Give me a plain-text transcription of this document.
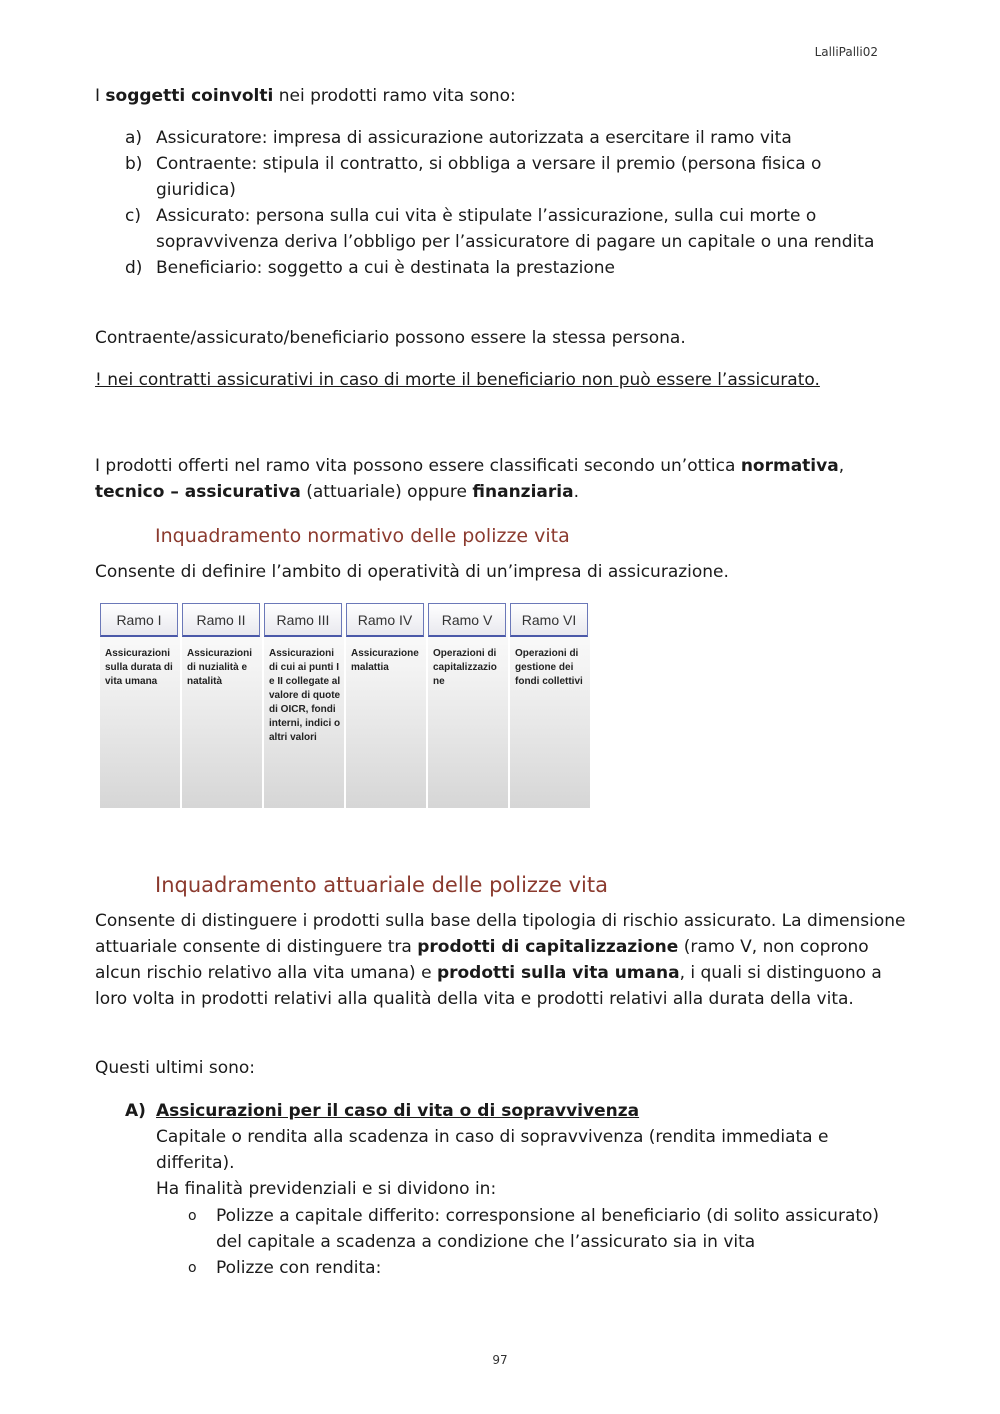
LalliPalli02
I soggetti coinvolti nei prodotti ramo vita sono:
a) Assicuratore: impresa di assicurazione autorizzata a esercitare il ramo vita
b) Contraente: stipula il contratto, si obbliga a versare il premio (persona fisica o giuridica)
c) Assicurato: persona sulla cui vita è stipulate l’assicurazione, sulla cui morte o sopravvivenza deriva l’obbligo per l’assicuratore di pagare un capitale o una rendita
d) Beneficiario: soggetto a cui è destinata la prestazione
Contraente/assicurato/beneficiario possono essere la stessa persona.
! nei contratti assicurativi in caso di morte il beneficiario non può essere l’assicurato.
I prodotti offerti nel ramo vita possono essere classificati secondo un’ottica normativa,
tecnico – assicurativa (attuariale) oppure finanziaria.
Inquadramento normativo delle polizze vita
Consente di definire l’ambito di operatività di un’impresa di assicurazione.
Ramo I
Assicurazioni sulla durata di vita umana
Ramo II
Assicurazioni di nuzialità e natalità
Ramo III
Assicurazioni di cui ai punti I e II collegate al valore di quote di OICR, fondi interni, indici o altri valori
Ramo IV
Assicurazione malattia
Ramo V
Operazioni di capitalizzazio ne
Ramo VI
Operazioni di gestione dei fondi collettivi
Inquadramento attuariale delle polizze vita
Consente di distinguere i prodotti sulla base della tipologia di rischio assicurato. La dimensione attuariale consente di distinguere tra prodotti di capitalizzazione (ramo V, non coprono alcun rischio relativo alla vita umana) e prodotti sulla vita umana, i quali si distinguono a loro volta in prodotti relativi alla qualità della vita e prodotti relativi alla durata della vita.
Questi ultimi sono:
A) Assicurazioni per il caso di vita o di sopravvivenza
Capitale o rendita alla scadenza in caso di sopravvivenza (rendita immediata e differita).
Ha finalità previdenziali e si dividono in:
o	Polizze a capitale differito: corresponsione al beneficiario (di solito assicurato) del capitale a scadenza a condizione che l’assicurato sia in vita
o	Polizze con rendita:
97
